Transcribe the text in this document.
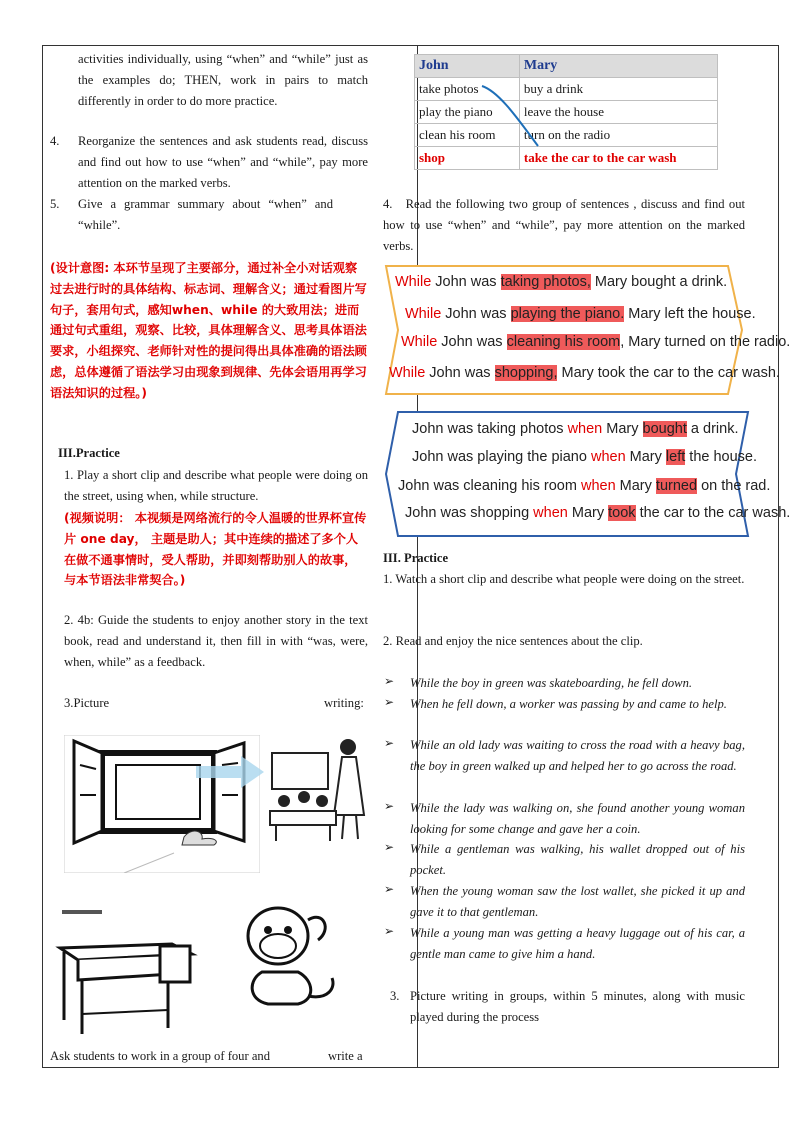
activities individually, using “when” and “while” just as the examples do; THEN, work in pairs to match differently in order to do more practice.
4. Reorganize the sentences and ask students read, discuss and find out how to use “when” and “while”, pay more attention on the marked verbs.
5. Give a grammar summary about “when” and “while”.
(设计意图: 本环节呈现了主要部分，通过补全小对话观察过去进行时的具体结构、标志词、理解含义；通过看图片写句子，套用句式，感知when、while 的大致用法；进而通过句式重组，观察、比较，具体理解含义、思考具体语法要求，小组探究、老师针对性的提问得出具体准确的语法顾虑，总体遵循了语法学习由现象到规律、先体会语用再学习语法知识的过程。)
III.Practice
1. Play a short clip and describe what people were doing on the street, using when, while structure.
(视频说明： 本视频是网络流行的令人温暖的世界杯宣传片 one day， 主题是助人；其中连续的描述了多个人在做不通事情时，受人帮助，并即刻帮助别人的故事，与本节语法非常契合。)
2. 4b: Guide the students to enjoy another story in the text book, read and understand it, then fill in with “was, were, when, while” as a feedback.
3.Picture	writing:
Ask students to work in a group of four and	write a
John	Mary
take photos	buy a drink
play the piano	leave the house
clean his room	turn on the radio
shop	take the car to the car wash
4. Read the following two group of sentences , discuss and find out how to use “when” and “while”, pay more attention on the marked verbs.
While John was taking photos, Mary bought a drink.
While John was playing the piano. Mary left the house.
While John was cleaning his room, Mary turned on the radio.
While John was shopping, Mary took the car to the car wash.
John was taking photos when Mary bought a drink.
John was playing the piano when Mary left the house.
John was cleaning his room when Mary turned on the rad.
John was shopping when Mary took the car to the car wash.
III. Practice
1. Watch a short clip and describe what people were doing on the street.
2. Read and enjoy the nice sentences about the clip.
➢ While the boy in green was skateboarding, he fell down.
➢ When he fell down, a worker was passing by and came to help.
➢ While an old lady was waiting to cross the road with a heavy bag, the boy in green walked up and helped her to go across the road.
➢ While the lady was walking on, she found another young woman looking for some change and gave her a coin.
➢ While a gentleman was walking, his wallet dropped out of his pocket.
➢ When the young woman saw the lost wallet, she picked it up and gave it to that gentleman.
➢ While a young man was getting a heavy luggage out of his car, a gentle man came to give him a hand.
3. Picture writing in groups, within 5 minutes, along with music played during the process
